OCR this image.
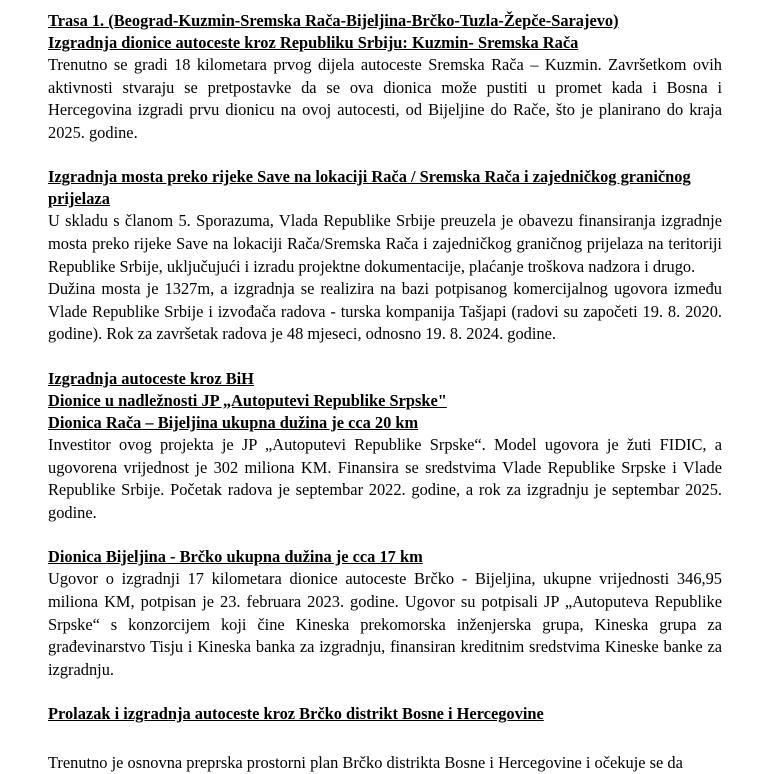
Trasa 1. (Beograd-Kuzmin-Sremska Rača-Bijeljina-Brčko-Tuzla-Žepče-Sarajevo)

Izgradnja dionice autoceste kroz Republiku Srbiju: Kuzmin- Sremska Rača

Trenutno se gradi 18 kilometara prvog dijela autoceste Sremska Rača – Kuzmin. Završetkom ovih aktivnosti stvaraju se pretpostavke da se ova dionica može pustiti u promet kada i Bosna i Hercegovina izgradi prvu dionicu na ovoj autocesti, od Bijeljine do Rače, što je planirano do kraja 2025. godine.

Izgradnja mosta preko rijeke Save na lokaciji Rača / Sremska Rača i zajedničkog graničnog prijelaza

U skladu s članom 5. Sporazuma, Vlada Republike Srbije preuzela je obavezu finansiranja izgradnje mosta preko rijeke Save na lokaciji Rača/Sremska Rača i zajedničkog graničnog prijelaza na teritoriji Republike Srbije, uključujući i izradu projektne dokumentacije, plaćanje troškova nadzora i drugo.

Dužina mosta je 1327m, a izgradnja se realizira na bazi potpisanog komercijalnog ugovora između Vlade Republike Srbije i izvođača radova - turska kompanija Tašjapi (radovi su započeti 19. 8. 2020. godine). Rok za završetak radova je 48 mjeseci, odnosno 19. 8. 2024. godine.

Izgradnja autoceste kroz BiH

Dionice u nadležnosti JP „Autoputevi Republike Srpske"

Dionica Rača – Bijeljina ukupna dužina je cca 20 km

Investitor ovog projekta je JP „Autoputevi Republike Srpske“. Model ugovora je žuti FIDIC, a ugovorena vrijednost je 302 miliona KM. Finansira se sredstvima Vlade Republike Srpske i Vlade Republike Srbije. Početak radova je septembar 2022. godine, a rok za izgradnju je septembar 2025. godine.

Dionica Bijeljina - Brčko ukupna dužina je cca 17 km

Ugovor o izgradnji 17 kilometara dionice autoceste Brčko - Bijeljina, ukupne vrijednosti 346,95 miliona KM, potpisan je 23. februara 2023. godine. Ugovor su potpisali JP „Autoputeva Republike Srpske“ s konzorcijem koji čine Kineska prekomorska inženjerska grupa, Kineska grupa za građevinarstvo Tisju i Kineska banka za izgradnju, finansiran kreditnim sredstvima Kineske banke za izgradnju.

Prolazak i izgradnja autoceste kroz Brčko distrikt Bosne i Hercegovine

Trenutno je osnovna preprska prostorni plan Brčko distrikta Bosne i Hercegovine i očekuje se da
